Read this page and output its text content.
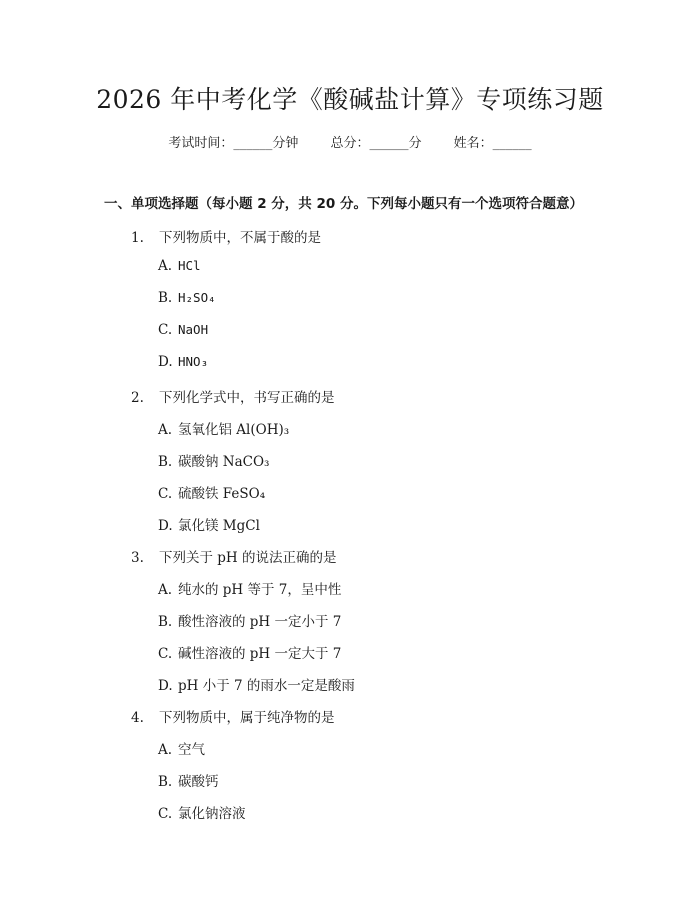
2026 年中考化学《酸碱盐计算》专项练习题
考试时间：______分钟 总分：______分 姓名：______
一、单项选择题（每小题 2 分，共 20 分。下列每小题只有一个选项符合题意）
1. 下列物质中，不属于酸的是
A. HCl
B. H₂SO₄
C. NaOH
D. HNO₃
2. 下列化学式中，书写正确的是
A. 氢氧化铝 Al(OH)₃
B. 碳酸钠 NaCO₃
C. 硫酸铁 FeSO₄
D. 氯化镁 MgCl
3. 下列关于 pH 的说法正确的是
A. 纯水的 pH 等于 7，呈中性
B. 酸性溶液的 pH 一定小于 7
C. 碱性溶液的 pH 一定大于 7
D. pH 小于 7 的雨水一定是酸雨
4. 下列物质中，属于纯净物的是
A. 空气
B. 碳酸钙
C. 氯化钠溶液
